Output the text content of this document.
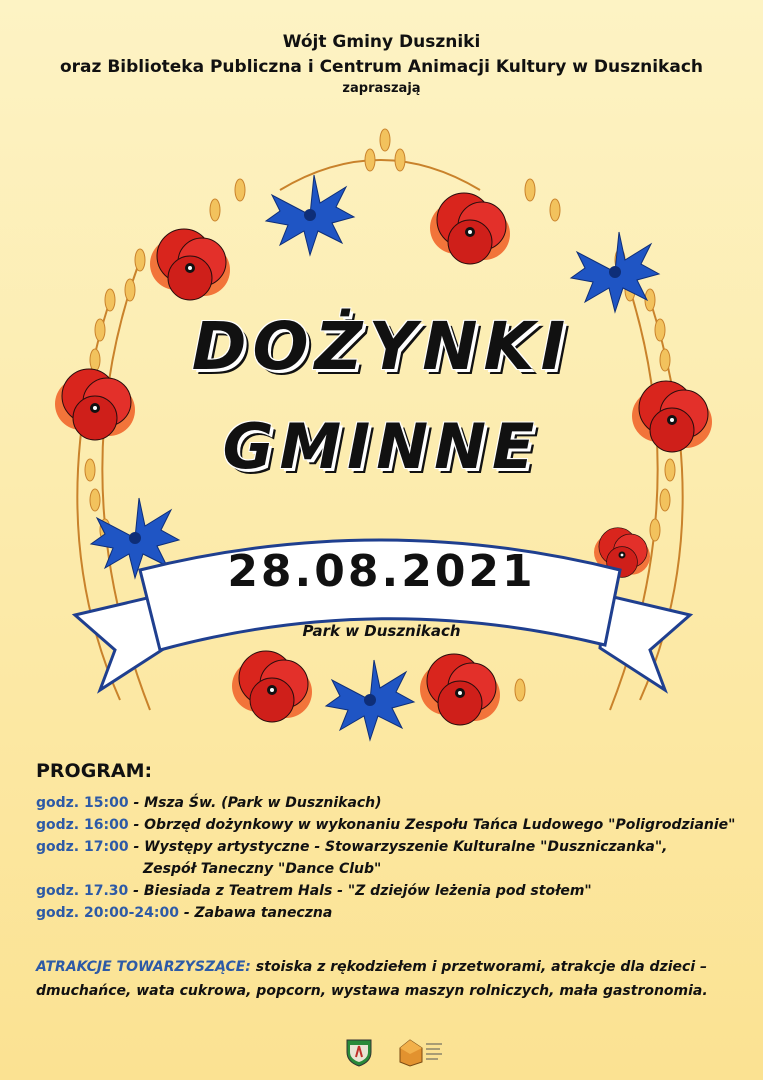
Wójt Gminy Duszniki
oraz Biblioteka Publiczna i Centrum Animacji Kultury w Dusznikach
zapraszają
DOŻYNKI
GMINNE
28.08.2021
Park w Dusznikach
PROGRAM:
godz. 15:00 - Msza Św. (Park w Dusznikach)
godz. 16:00 - Obrzęd dożynkowy w wykonaniu Zespołu Tańca Ludowego "Poligrodzianie"
godz. 17:00 - Występy artystyczne - Stowarzyszenie Kulturalne "Duszniczanka",
Zespół Taneczny "Dance Club"
godz. 17.30 - Biesiada z Teatrem Hals - "Z dziejów leżenia pod stołem"
godz. 20:00-24:00 - Zabawa taneczna
ATRAKCJE TOWARZYSZĄCE: stoiska z rękodziełem i przetworami, atrakcje dla dzieci –
dmuchańce, wata cukrowa, popcorn, wystawa maszyn rolniczych, mała gastronomia.
